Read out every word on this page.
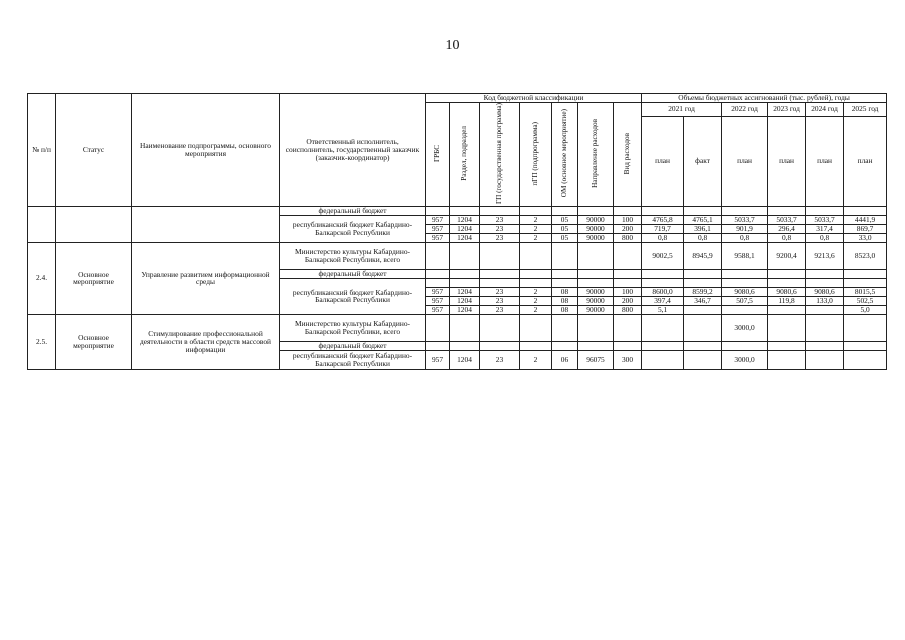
10
№ п/п	Статус	Наименование подпрограммы, основного мероприятия	Ответственный исполнитель, соисполнитель, государственный заказчик (заказчик-координатор)	Код бюджетной классификации							Объемы бюджетных ассигнований (тыс. рублей), годы					
				ГРБС	Раздел, подраздел	ГП (государственная программа)	пГП (подпрограмма)	ОМ (основное мероприятие)	Направление расходов	Вид расходов	2021 год		2022 год	2023 год	2024 год	2025 год
											план	факт	план	план	план	план
			федеральный бюджет													
			республиканский бюджет Кабардино-Балкарской Республики	957	1204	23	2	05	90000	100	4765,8	4765,1	5033,7	5033,7	5033,7	4441,9
				957	1204	23	2	05	90000	200	719,7	396,1	901,9	296,4	317,4	869,7
				957	1204	23	2	05	90000	800	0,8	0,8	0,8	0,8	0,8	33,0
2.4.	Основное мероприятие	Управление развитием информационной среды	Министерство культуры Кабардино-Балкарской Республики, всего								9002,5	8945,9	9588,1	9200,4	9213,6	8523,0
			федеральный бюджет													
			республиканский бюджет Кабардино-Балкарской Республики													
				957	1204	23	2	08	90000	100	8600,0	8599,2	9080,6	9080,6	9080,6	8015,5
				957	1204	23	2	08	90000	200	397,4	346,7	507,5	119,8	133,0	502,5
				957	1204	23	2	08	90000	800	5,1					5,0
2.5.	Основное мероприятие	Стимулирование профессиональной деятельности в области средств массовой информации	Министерство культуры Кабардино-Балкарской Республики, всего										3000,0			
			федеральный бюджет													
			республиканский бюджет Кабардино-Балкарской Республики	957	1204	23	2	06	96075	300			3000,0			
